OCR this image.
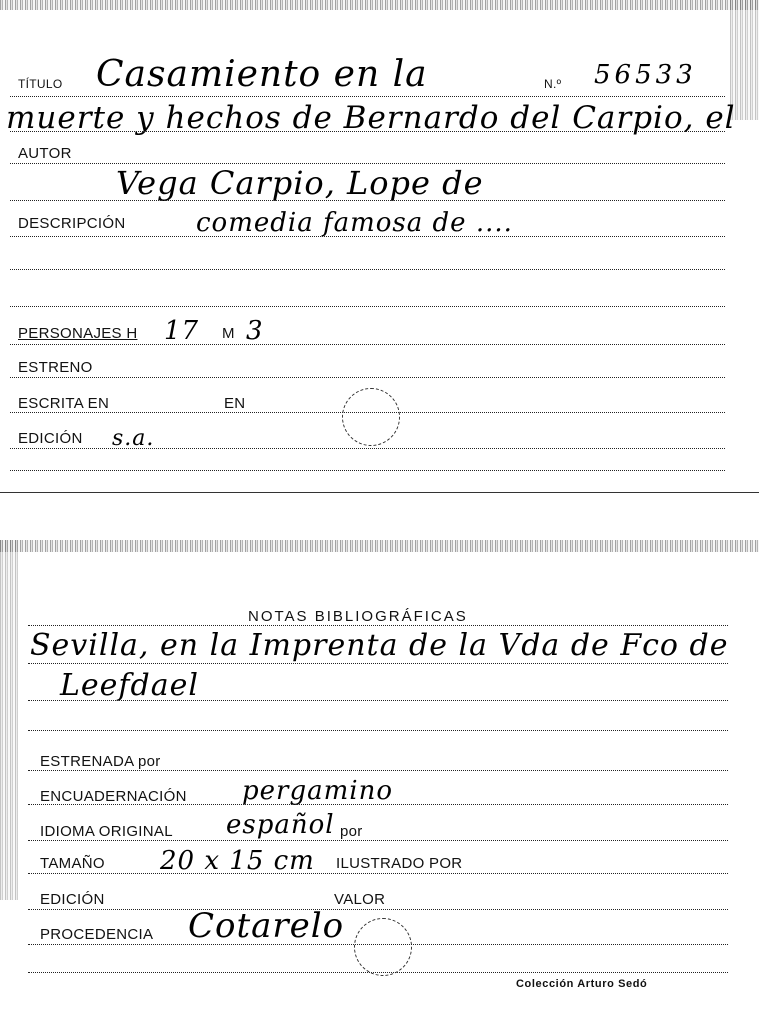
TÍTULO Casamiento en la	N.º 56533
muerte y hechos de Bernardo del Carpio, el
AUTOR
Vega Carpio, Lope de
DESCRIPCIÓN	comedia famosa de ....
PERSONAJES H 17 M 3
ESTRENO
ESCRITA EN	EN
EDICIÓN s.a.
NOTAS BIBLIOGRÁFICAS
Sevilla, en la Imprenta de la Vda de Fco de
Leefdael
ESTRENADA por
ENCUADERNACIÓN pergamino
IDIOMA ORIGINAL español por
TAMAÑO 20 x 15 cm ILUSTRADO POR
EDICIÓN	VALOR
PROCEDENCIA Cotarelo
Colección Arturo Sedó
